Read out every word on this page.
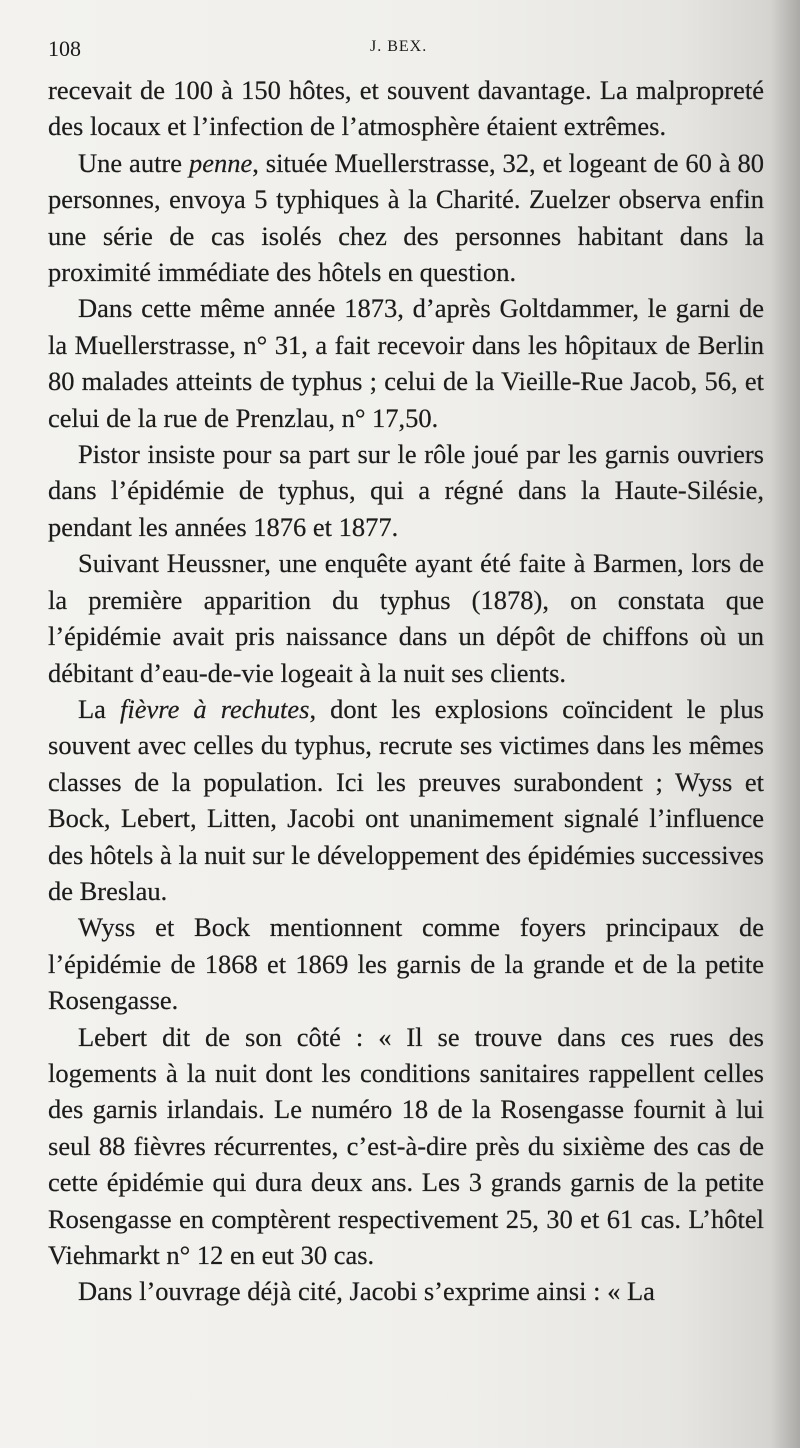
108	J. BEX.

recevait de 100 à 150 hôtes, et souvent davantage. La malpropreté des locaux et l’infection de l’atmosphère étaient extrêmes.

Une autre penne, située Muellerstrasse, 32, et logeant de 60 à 80 personnes, envoya 5 typhiques à la Charité. Zuelzer observa enfin une série de cas isolés chez des personnes habitant dans la proximité immédiate des hôtels en question.

Dans cette même année 1873, d’après Goltdammer, le garni de la Muellerstrasse, n° 31, a fait recevoir dans les hôpitaux de Berlin 80 malades atteints de typhus ; celui de la Vieille-Rue Jacob, 56, et celui de la rue de Prenzlau, n° 17,50.

Pistor insiste pour sa part sur le rôle joué par les garnis ouvriers dans l’épidémie de typhus, qui a régné dans la Haute-Silésie, pendant les années 1876 et 1877.

Suivant Heussner, une enquête ayant été faite à Barmen, lors de la première apparition du typhus (1878), on constata que l’épidémie avait pris naissance dans un dépôt de chiffons où un débitant d’eau-de-vie logeait à la nuit ses clients.

La fièvre à rechutes, dont les explosions coïncident le plus souvent avec celles du typhus, recrute ses victimes dans les mêmes classes de la population. Ici les preuves surabondent ; Wyss et Bock, Lebert, Litten, Jacobi ont unanimement signalé l’influence des hôtels à la nuit sur le développement des épidémies successives de Breslau.

Wyss et Bock mentionnent comme foyers principaux de l’épidémie de 1868 et 1869 les garnis de la grande et de la petite Rosengasse.

Lebert dit de son côté : « Il se trouve dans ces rues des logements à la nuit dont les conditions sanitaires rappellent celles des garnis irlandais. Le numéro 18 de la Rosengasse fournit à lui seul 88 fièvres récurrentes, c’est-à-dire près du sixième des cas de cette épidémie qui dura deux ans. Les 3 grands garnis de la petite Rosengasse en comptèrent respectivement 25, 30 et 61 cas. L’hôtel Viehmarkt n° 12 en eut 30 cas.

Dans l’ouvrage déjà cité, Jacobi s’exprime ainsi : « La
